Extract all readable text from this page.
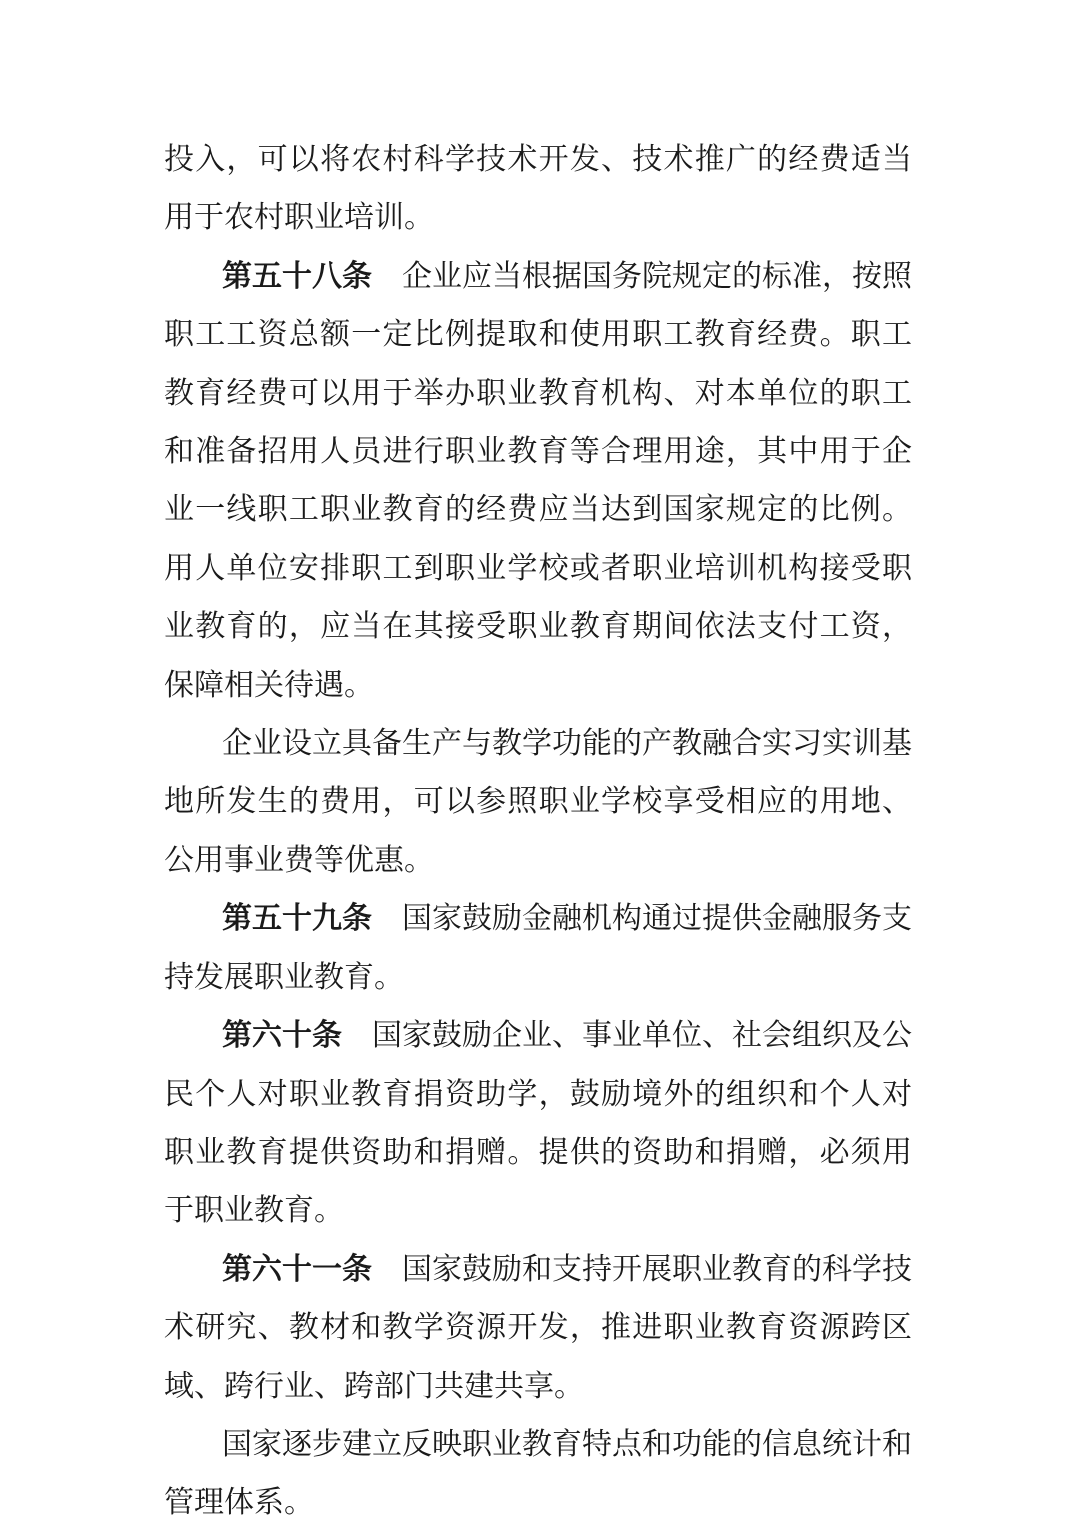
投入，可以将农村科学技术开发、技术推广的经费适当用于农村职业培训。

第五十八条 企业应当根据国务院规定的标准，按照职工工资总额一定比例提取和使用职工教育经费。职工教育经费可以用于举办职业教育机构、对本单位的职工和准备招用人员进行职业教育等合理用途，其中用于企业一线职工职业教育的经费应当达到国家规定的比例。用人单位安排职工到职业学校或者职业培训机构接受职业教育的，应当在其接受职业教育期间依法支付工资，保障相关待遇。

企业设立具备生产与教学功能的产教融合实习实训基地所发生的费用，可以参照职业学校享受相应的用地、公用事业费等优惠。

第五十九条 国家鼓励金融机构通过提供金融服务支持发展职业教育。

第六十条 国家鼓励企业、事业单位、社会组织及公民个人对职业教育捐资助学，鼓励境外的组织和个人对职业教育提供资助和捐赠。提供的资助和捐赠，必须用于职业教育。

第六十一条 国家鼓励和支持开展职业教育的科学技术研究、教材和教学资源开发，推进职业教育资源跨区域、跨行业、跨部门共建共享。

国家逐步建立反映职业教育特点和功能的信息统计和管理体系。
